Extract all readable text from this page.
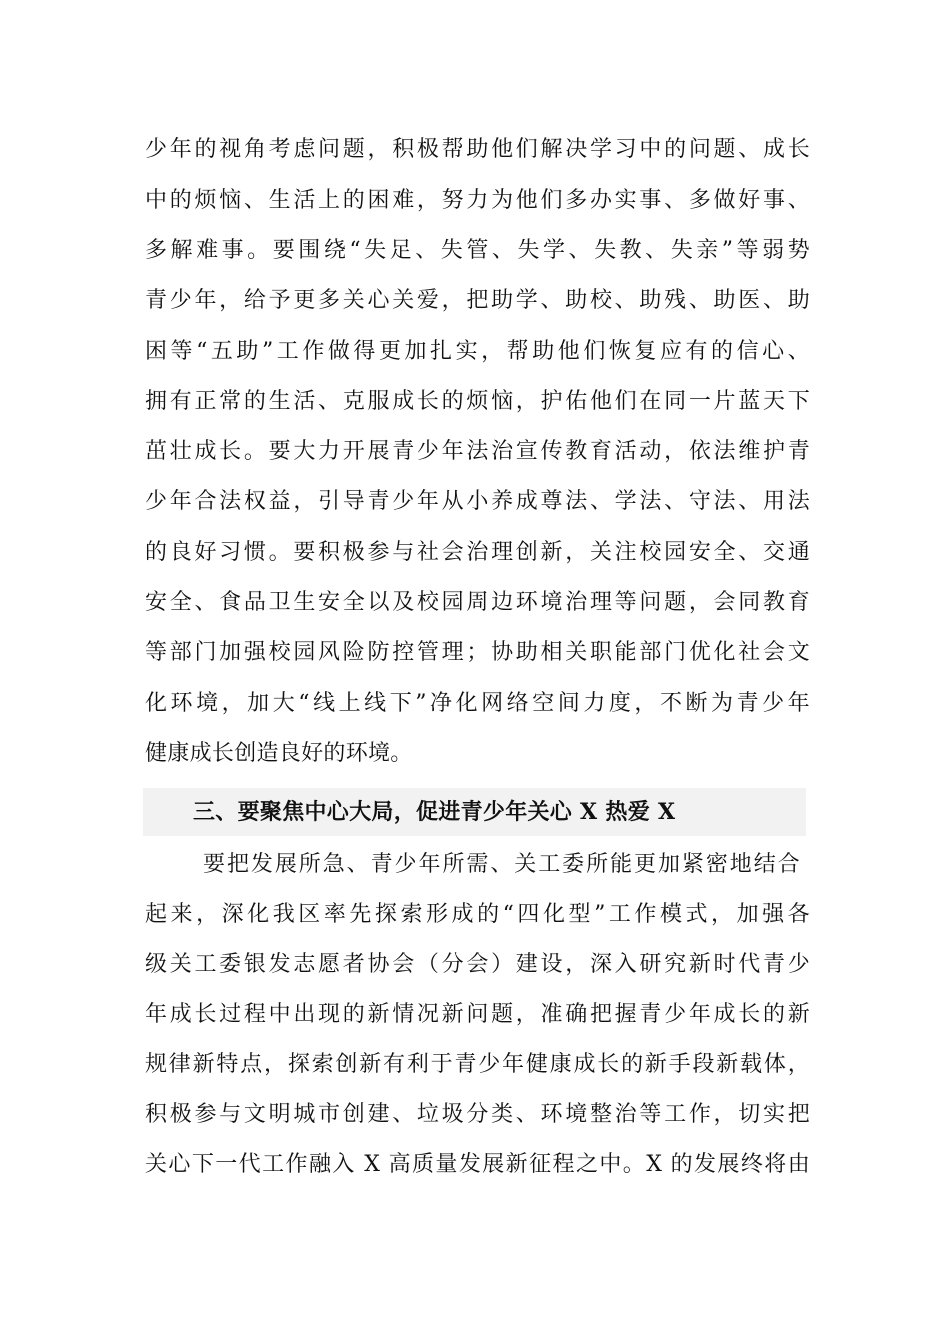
少年的视角考虑问题，积极帮助他们解决学习中的问题、成长
中的烦恼、生活上的困难，努力为他们多办实事、多做好事、
多解难事。要围绕“失足、失管、失学、失教、失亲”等弱势
青少年，给予更多关心关爱，把助学、助校、助残、助医、助
困等“五助”工作做得更加扎实，帮助他们恢复应有的信心、
拥有正常的生活、克服成长的烦恼，护佑他们在同一片蓝天下
茁壮成长。要大力开展青少年法治宣传教育活动，依法维护青
少年合法权益，引导青少年从小养成尊法、学法、守法、用法
的良好习惯。要积极参与社会治理创新，关注校园安全、交通
安全、食品卫生安全以及校园周边环境治理等问题，会同教育
等部门加强校园风险防控管理；协助相关职能部门优化社会文
化环境，加大“线上线下”净化网络空间力度，不断为青少年
健康成长创造良好的环境。
三、要聚焦中心大局，促进青少年关心 X 热爱 X
要把发展所急、青少年所需、关工委所能更加紧密地结合
起来，深化我区率先探索形成的“四化型”工作模式，加强各
级关工委银发志愿者协会（分会）建设，深入研究新时代青少
年成长过程中出现的新情况新问题，准确把握青少年成长的新
规律新特点，探索创新有利于青少年健康成长的新手段新载体，
积极参与文明城市创建、垃圾分类、环境整治等工作，切实把
关心下一代工作融入 X 高质量发展新征程之中。X 的发展终将由
